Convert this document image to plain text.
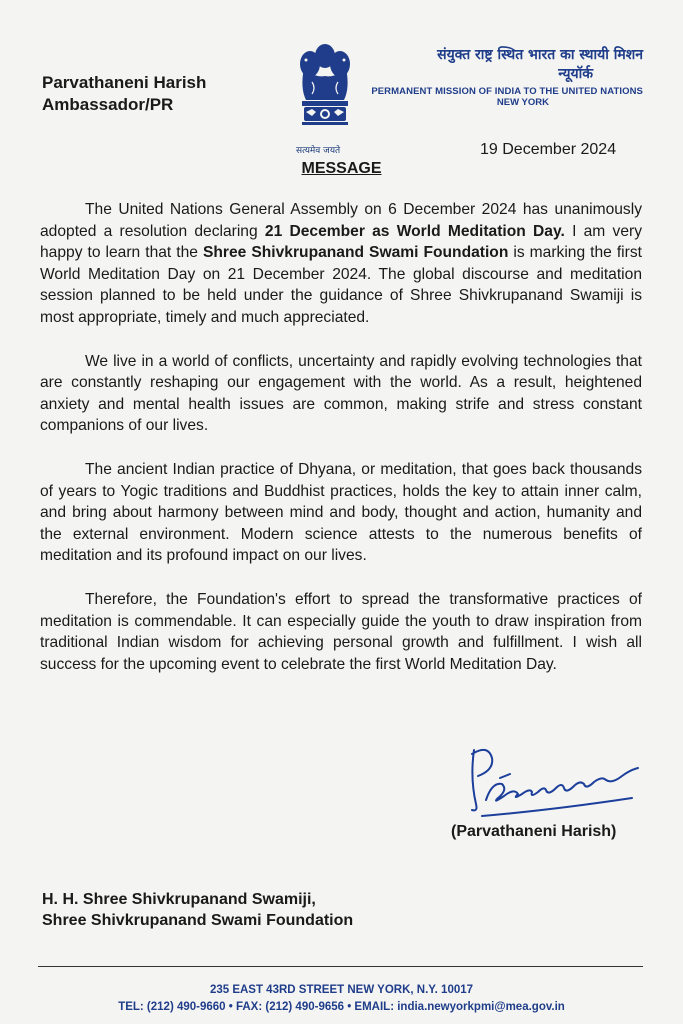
Parvathaneni Harish
Ambassador/PR
सत्यमेव जयते
संयुक्त राष्ट्र स्थित भारत का स्थायी मिशन
न्यूयॉर्क
PERMANENT MISSION OF INDIA TO THE UNITED NATIONS
NEW YORK
19 December 2024
MESSAGE

The United Nations General Assembly on 6 December 2024 has unanimously adopted a resolution declaring 21 December as World Meditation Day. I am very happy to learn that the Shree Shivkrupanand Swami Foundation is marking the first World Meditation Day on 21 December 2024. The global discourse and meditation session planned to be held under the guidance of Shree Shivkrupanand Swamiji is most appropriate, timely and much appreciated.

We live in a world of conflicts, uncertainty and rapidly evolving technologies that are constantly reshaping our engagement with the world. As a result, heightened anxiety and mental health issues are common, making strife and stress constant companions of our lives.

The ancient Indian practice of Dhyana, or meditation, that goes back thousands of years to Yogic traditions and Buddhist practices, holds the key to attain inner calm, and bring about harmony between mind and body, thought and action, humanity and the external environment. Modern science attests to the numerous benefits of meditation and its profound impact on our lives.

Therefore, the Foundation's effort to spread the transformative practices of meditation is commendable. It can especially guide the youth to draw inspiration from traditional Indian wisdom for achieving personal growth and fulfillment. I wish all success for the upcoming event to celebrate the first World Meditation Day.

(Parvathaneni Harish)
H. H. Shree Shivkrupanand Swamiji,
Shree Shivkrupanand Swami Foundation
235 EAST 43RD STREET NEW YORK, N.Y. 10017
TEL: (212) 490-9660 • FAX: (212) 490-9656 • EMAIL: india.newyorkpmi@mea.gov.in
